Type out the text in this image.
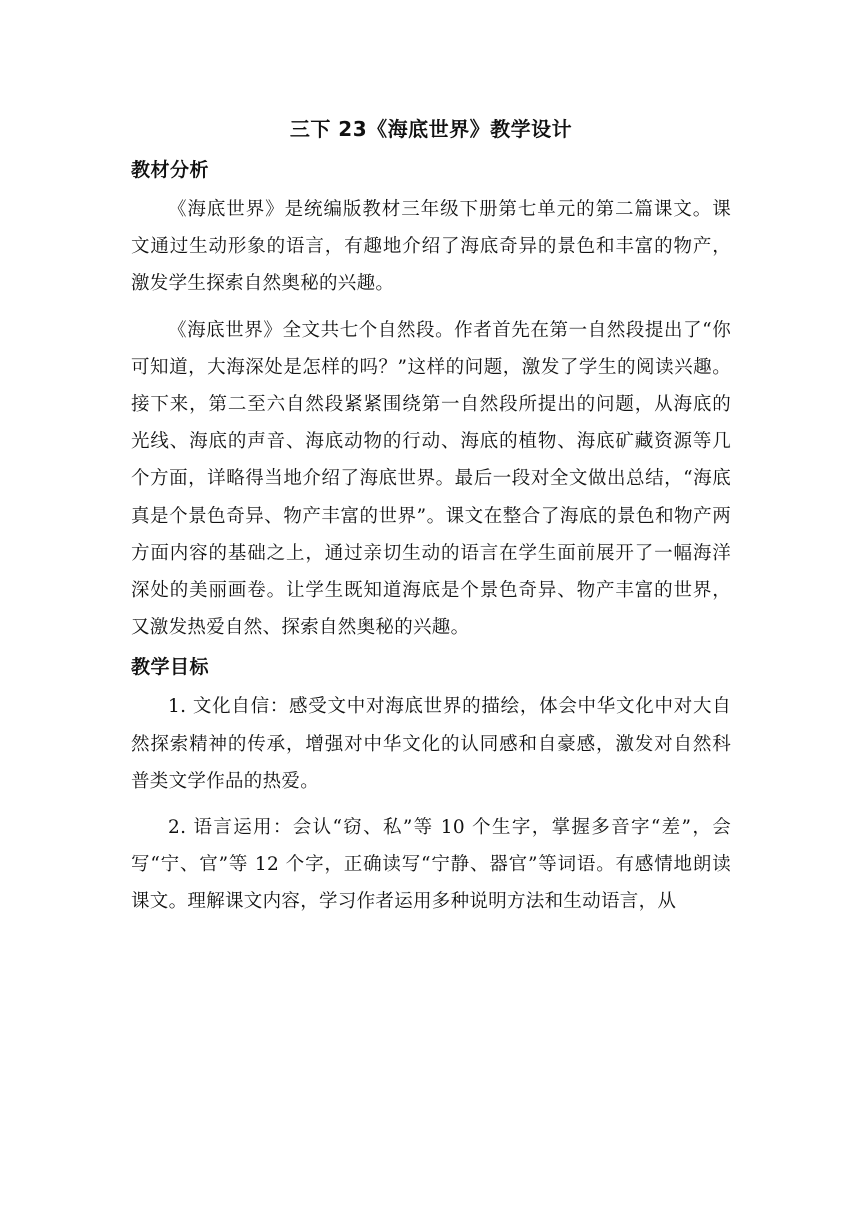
三下 23《海底世界》教学设计
教材分析

《海底世界》是统编版教材三年级下册第七单元的第二篇课文。课文通过生动形象的语言，有趣地介绍了海底奇异的景色和丰富的物产，激发学生探索自然奥秘的兴趣。

《海底世界》全文共七个自然段。作者首先在第一自然段提出了“你可知道，大海深处是怎样的吗？”这样的问题，激发了学生的阅读兴趣。接下来，第二至六自然段紧紧围绕第一自然段所提出的问题，从海底的光线、海底的声音、海底动物的行动、海底的植物、海底矿藏资源等几个方面，详略得当地介绍了海底世界。最后一段对全文做出总结，“海底真是个景色奇异、物产丰富的世界”。课文在整合了海底的景色和物产两方面内容的基础之上，通过亲切生动的语言在学生面前展开了一幅海洋深处的美丽画卷。让学生既知道海底是个景色奇异、物产丰富的世界，又激发热爱自然、探索自然奥秘的兴趣。

教学目标

1. 文化自信：感受文中对海底世界的描绘，体会中华文化中对大自然探索精神的传承，增强对中华文化的认同感和自豪感，激发对自然科普类文学作品的热爱。

2. 语言运用：会认“窃、私”等 10 个生字，掌握多音字“差”，会写“宁、官”等 12 个字，正确读写“宁静、器官”等词语。有感情地朗读课文。理解课文内容，学习作者运用多种说明方法和生动语言，从
